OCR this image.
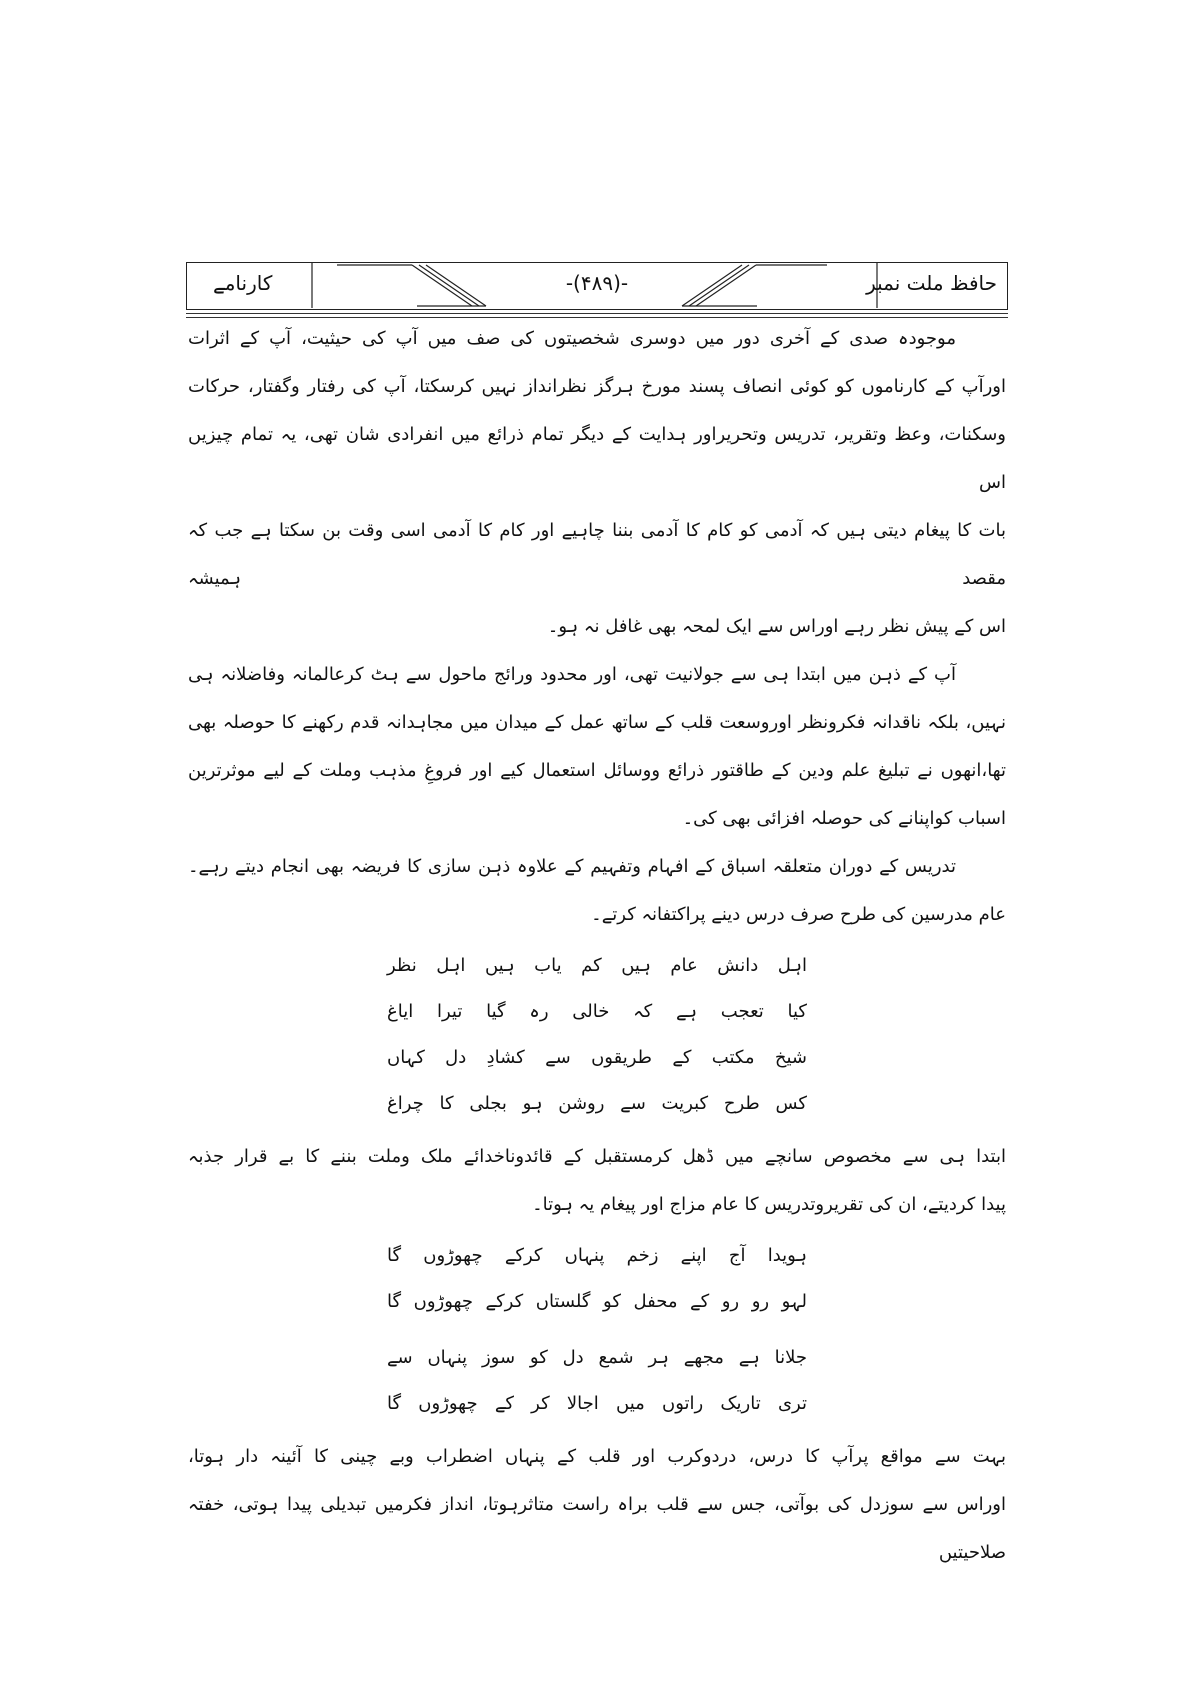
حافظ ملت نمبر
-(۴۸۹)-
کارنامے
موجودہ صدی کے آخری دور میں دوسری شخصیتوں کی صف میں آپ کی حیثیت، آپ کے اثرات
اورآپ کے کارناموں کو کوئی انصاف پسند مورخ ہرگز نظرانداز نہیں کرسکتا، آپ کی رفتار وگفتار، حرکات
وسکنات، وعظ وتقریر، تدریس وتحریراور ہدایت کے دیگر تمام ذرائع میں انفرادی شان تھی، یہ تمام چیزیں اس
بات کا پیغام دیتی ہیں کہ آدمی کو کام کا آدمی بننا چاہیے اور کام کا آدمی اسی وقت بن سکتا ہے جب کہ مقصد ہمیشہ
اس کے پیش نظر رہے اوراس سے ایک لمحہ بھی غافل نہ ہو۔
آپ کے ذہن میں ابتدا ہی سے جولانیت تھی، اور محدود ورائج ماحول سے ہٹ کرعالمانہ وفاضلانہ ہی
نہیں، بلکہ ناقدانہ فکرونظر اوروسعت قلب کے ساتھ عمل کے میدان میں مجاہدانہ قدم رکھنے کا حوصلہ بھی
تھا،انھوں نے تبلیغ علم ودین کے طاقتور ذرائع ووسائل استعمال کیے اور فروغِ مذہب وملت کے لیے موثرترین
اسباب کواپنانے کی حوصلہ افزائی بھی کی۔
تدریس کے دوران متعلقہ اسباق کے افہام وتفہیم کے علاوہ ذہن سازی کا فریضہ بھی انجام دیتے رہے۔
عام مدرسین کی طرح صرف درس دینے پراکتفانہ کرتے۔
اہل دانش عام ہیں کم یاب ہیں اہل نظر
کیا تعجب ہے کہ خالی رہ گیا تیرا ایاغ
شیخ مکتب کے طریقوں سے کشادِ دل کہاں
کس طرح کبریت سے روشن ہو بجلی کا چراغ
ابتدا ہی سے مخصوص سانچے میں ڈھل کرمستقبل کے قائدوناخدائے ملک وملت بننے کا بے قرار جذبہ
پیدا کردیتے، ان کی تقریروتدریس کا عام مزاج اور پیغام یہ ہوتا۔
ہویدا آج اپنے زخم پنہاں کرکے چھوڑوں گا
لہو رو رو کے محفل کو گلستاں کرکے چھوڑوں گا
جلانا ہے مجھے ہر شمع دل کو سوز پنہاں سے
تری تاریک راتوں میں اجالا کر کے چھوڑوں گا
بہت سے مواقع پرآپ کا درس، دردوکرب اور قلب کے پنہاں اضطراب وبے چینی کا آئینہ دار ہوتا،
اوراس سے سوزدل کی بوآتی، جس سے قلب براہ راست متاثرہوتا، انداز فکرمیں تبدیلی پیدا ہوتی، خفتہ صلاحیتیں
